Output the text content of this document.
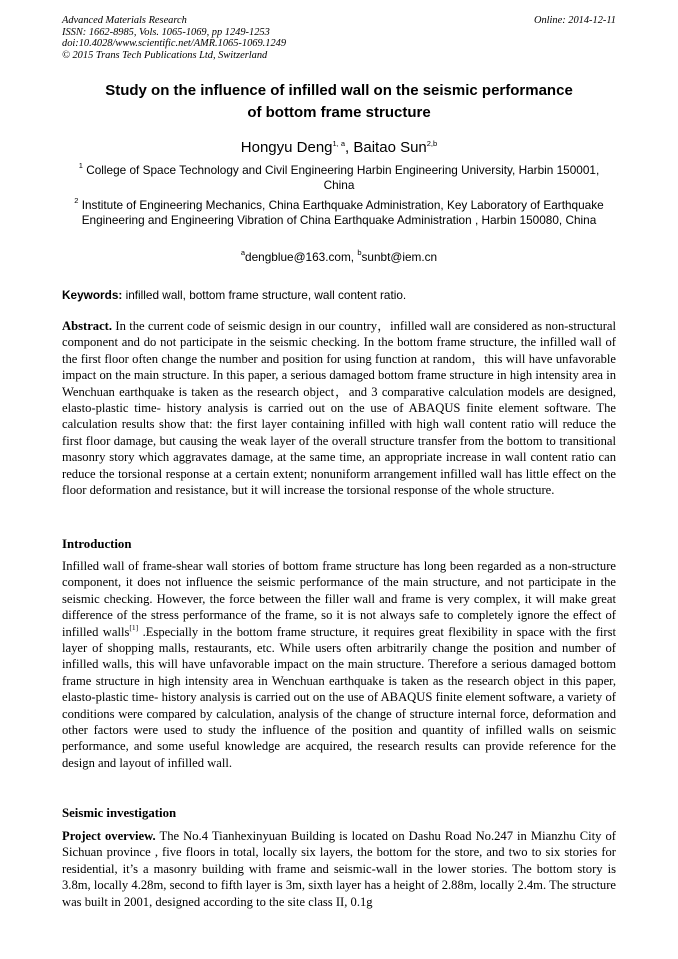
Advanced Materials Research
ISSN: 1662-8985, Vols. 1065-1069, pp 1249-1253
doi:10.4028/www.scientific.net/AMR.1065-1069.1249
© 2015 Trans Tech Publications Ltd, Switzerland
Online: 2014-12-11
Study on the influence of infilled wall on the seismic performance
of bottom frame structure
Hongyu Deng$^{1, a}$, Baitao Sun$^{2,b}$
$^1$ College of Space Technology and Civil Engineering Harbin Engineering University, Harbin 150001, China
$^2$ Institute of Engineering Mechanics, China Earthquake Administration, Key Laboratory of Earthquake Engineering and Engineering Vibration of China Earthquake Administration , Harbin 150080, China
$^a$dengblue@163.com, $^b$sunbt@iem.cn
Keywords: infilled wall, bottom frame structure, wall content ratio.
Abstract. In the current code of seismic design in our country，infilled wall are considered as non-structural component and do not participate in the seismic checking. In the bottom frame structure, the infilled wall of the first floor often change the number and position for using function at random，this will have unfavorable impact on the main structure. In this paper, a serious damaged bottom frame structure in high intensity area in Wenchuan earthquake is taken as the research object，and 3 comparative calculation models are designed, elasto-plastic time- history analysis is carried out on the use of ABAQUS finite element software. The calculation results show that: the first layer containing infilled with high wall content ratio will reduce the first floor damage, but causing the weak layer of the overall structure transfer from the bottom to transitional masonry story which aggravates damage, at the same time, an appropriate increase in wall content ratio can reduce the torsional response at a certain extent; nonuniform arrangement infilled wall has little effect on the floor deformation and resistance, but it will increase the torsional response of the whole structure.
Introduction
Infilled wall of frame-shear wall stories of bottom frame structure has long been regarded as a non-structure component, it does not influence the seismic performance of the main structure, and not participate in the seismic checking. However, the force between the filler wall and frame is very complex, it will make great difference of the stress performance of the frame, so it is not always safe to completely ignore the effect of infilled walls[1] .Especially in the bottom frame structure, it requires great flexibility in space with the first layer of shopping malls, restaurants, etc. While users often arbitrarily change the position and number of infilled walls, this will have unfavorable impact on the main structure. Therefore a serious damaged bottom frame structure in high intensity area in Wenchuan earthquake is taken as the research object in this paper, elasto-plastic time- history analysis is carried out on the use of ABAQUS finite element software, a variety of conditions were compared by calculation, analysis of the change of structure internal force, deformation and other factors were used to study the influence of the position and quantity of infilled walls on seismic performance, and some useful knowledge are acquired, the research results can provide reference for the design and layout of infilled wall.
Seismic investigation
Project overview. The No.4 Tianhexinyuan Building is located on Dashu Road No.247 in Mianzhu City of Sichuan province , five floors in total, locally six layers, the bottom for the store, and two to six stories for residential, it’s a masonry building with frame and seismic-wall in the lower stories. The bottom story is 3.8m, locally 4.28m, second to fifth layer is 3m, sixth layer has a height of 2.88m, locally 2.4m. The structure was built in 2001, designed according to the site class II, 0.1g
